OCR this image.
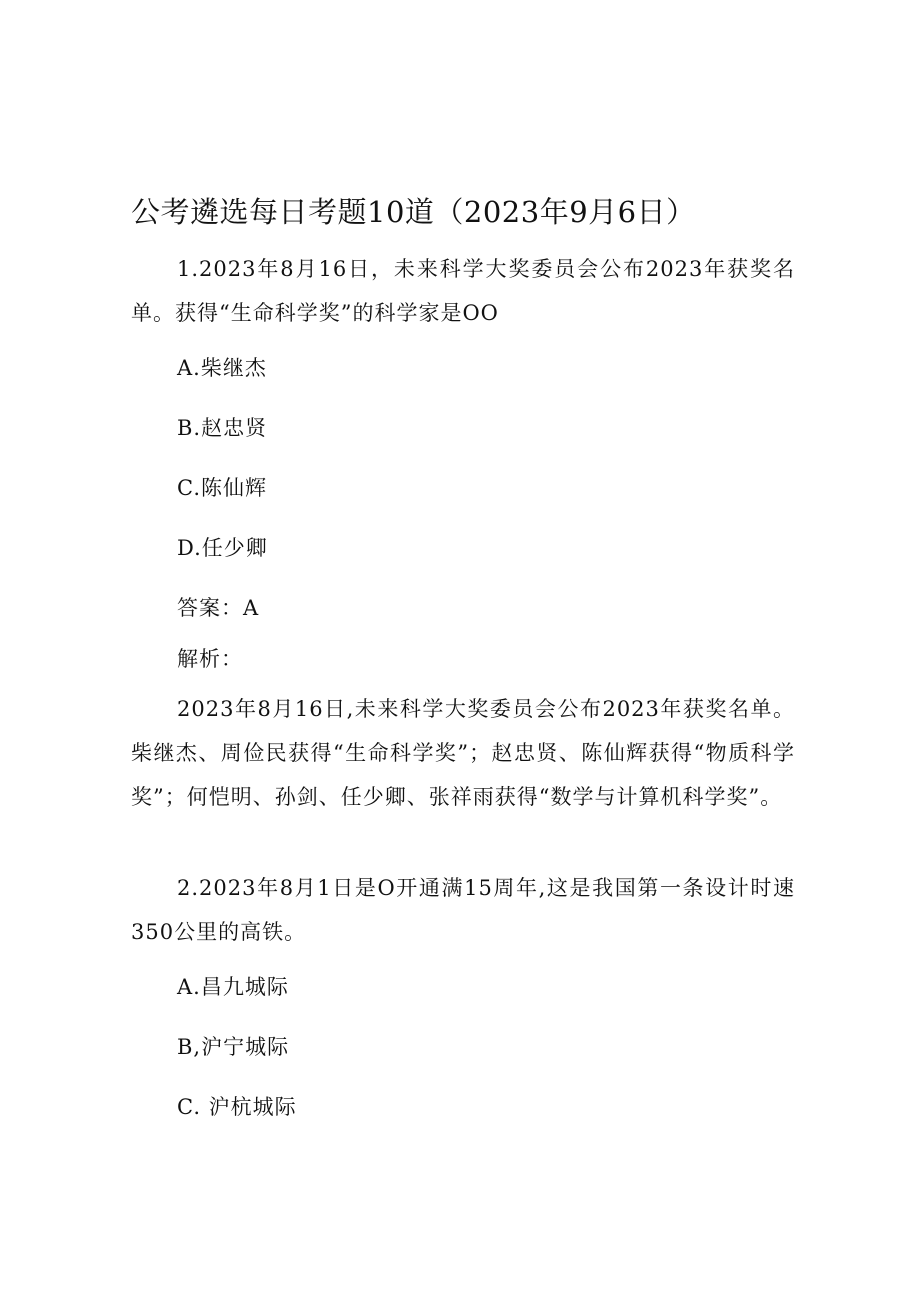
公考遴选每日考题10道（2023年9月6日）
1.2023年8月16日，未来科学大奖委员会公布2023年获奖名单。获得“生命科学奖”的科学家是OO
A.柴继杰
B.赵忠贤
C.陈仙辉
D.任少卿
答案：A
解析：
2023年8月16日,未来科学大奖委员会公布2023年获奖名单。柴继杰、周俭民获得“生命科学奖”；赵忠贤、陈仙辉获得“物质科学奖”；何恺明、孙剑、任少卿、张祥雨获得“数学与计算机科学奖”。
2.2023年8月1日是O开通满15周年,这是我国第一条设计时速350公里的高铁。
A.昌九城际
B,沪宁城际
C. 沪杭城际
